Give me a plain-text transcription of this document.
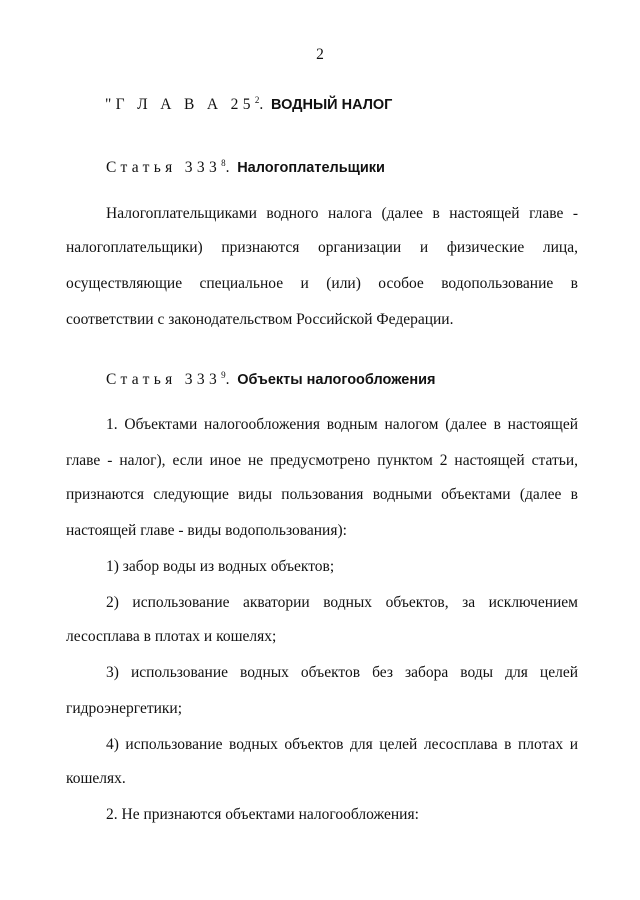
2
"Г Л А В А $25^2$. ВОДНЫЙ НАЛОГ
Статья $333^8$. Налогоплательщики
Налогоплательщиками водного налога (далее в настоящей главе -
налогоплательщики) признаются организации и физические лица,
осуществляющие специальное и (или) особое водопользование в
соответствии с законодательством Российской Федерации.
Статья $333^9$. Объекты налогообложения
1. Объектами налогообложения водным налогом (далее в настоящей
главе - налог), если иное не предусмотрено пунктом 2 настоящей статьи,
признаются следующие виды пользования водными объектами (далее в
настоящей главе - виды водопользования):
1) забор воды из водных объектов;
2) использование акватории водных объектов, за исключением
лесосплава в плотах и кошелях;
3) использование водных объектов без забора воды для целей
гидроэнергетики;
4) использование водных объектов для целей лесосплава в плотах и
кошелях.
2. Не признаются объектами налогообложения:
